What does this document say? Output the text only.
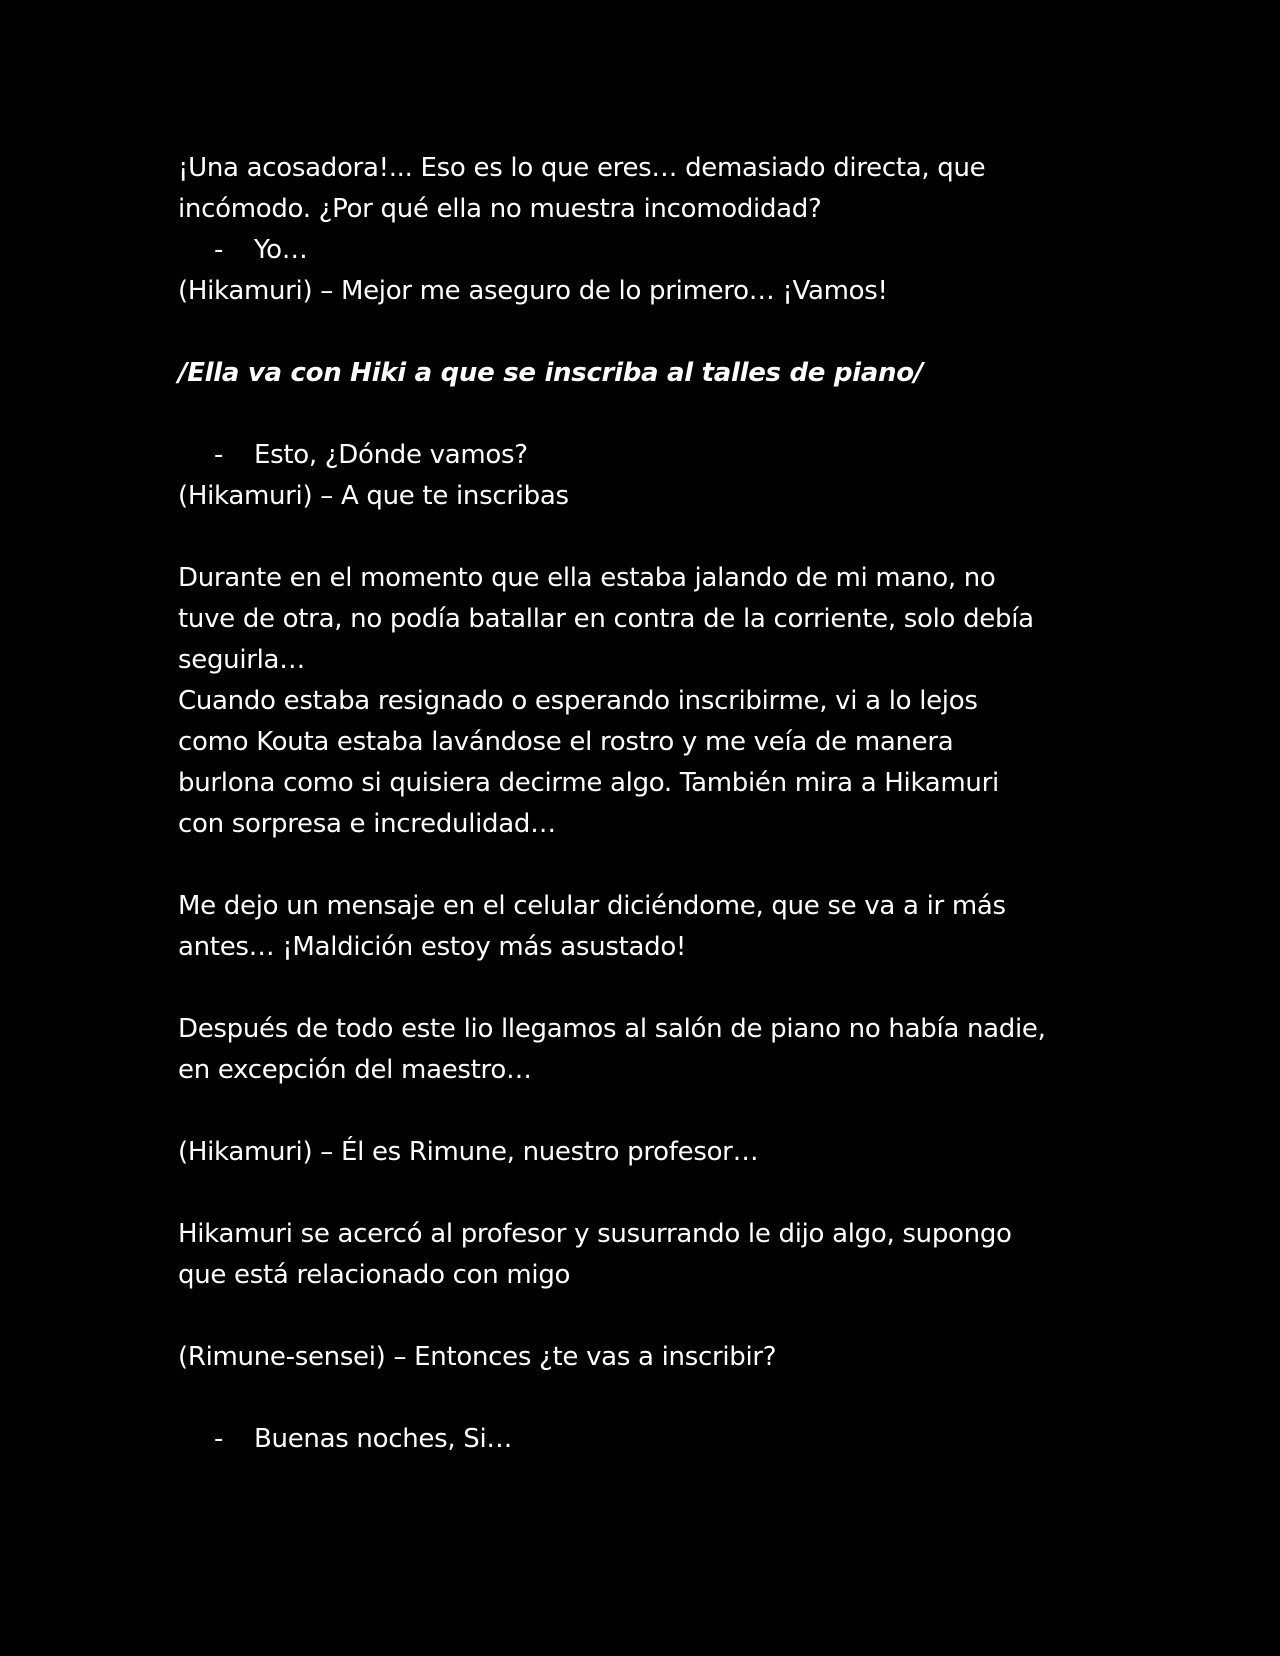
¡Una acosadora!... Eso es lo que eres… demasiado directa, que
incómodo. ¿Por qué ella no muestra incomodidad?
- Yo…
(Hikamuri) – Mejor me aseguro de lo primero… ¡Vamos!
/Ella va con Hiki a que se inscriba al talles de piano/
- Esto, ¿Dónde vamos?
(Hikamuri) – A que te inscribas
Durante en el momento que ella estaba jalando de mi mano, no
tuve de otra, no podía batallar en contra de la corriente, solo debía
seguirla…
Cuando estaba resignado o esperando inscribirme, vi a lo lejos
como Kouta estaba lavándose el rostro y me veía de manera
burlona como si quisiera decirme algo. También mira a Hikamuri
con sorpresa e incredulidad…
Me dejo un mensaje en el celular diciéndome, que se va a ir más
antes… ¡Maldición estoy más asustado!
Después de todo este lio llegamos al salón de piano no había nadie,
en excepción del maestro…
(Hikamuri) – Él es Rimune, nuestro profesor…
Hikamuri se acercó al profesor y susurrando le dijo algo, supongo
que está relacionado con migo
(Rimune-sensei) – Entonces ¿te vas a inscribir?
- Buenas noches, Si…
